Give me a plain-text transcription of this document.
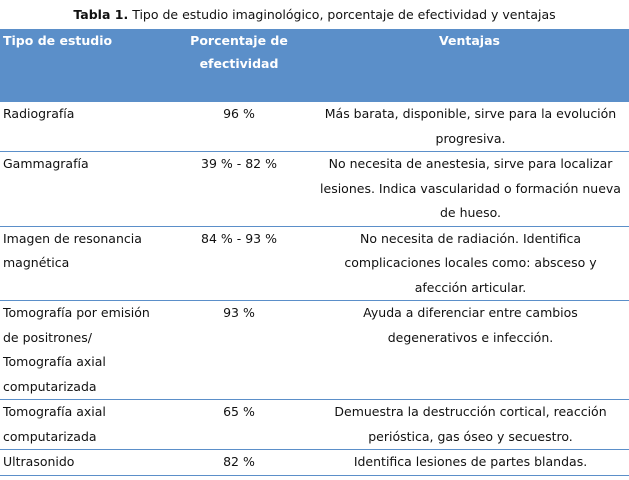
Tabla 1. Tipo de estudio imaginológico, porcentaje de efectividad y ventajas
Tipo de estudio	Porcentaje de efectividad	Ventajas
Radiografía	96 %	Más barata, disponible, sirve para la evolución progresiva.
Gammagrafía	39 % - 82 %	No necesita de anestesia, sirve para localizar lesiones. Indica vascularidad o formación nueva de hueso.
Imagen de resonancia magnética	84 % - 93 %	No necesita de radiación. Identifica complicaciones locales como: absceso y afección articular.
Tomografía por emisión de positrones/ Tomografía axial computarizada	93 %	Ayuda a diferenciar entre cambios degenerativos e infección.
Tomografía axial computarizada	65 %	Demuestra la destrucción cortical, reacción perióstica, gas óseo y secuestro.
Ultrasonido	82 %	Identifica lesiones de partes blandas.
